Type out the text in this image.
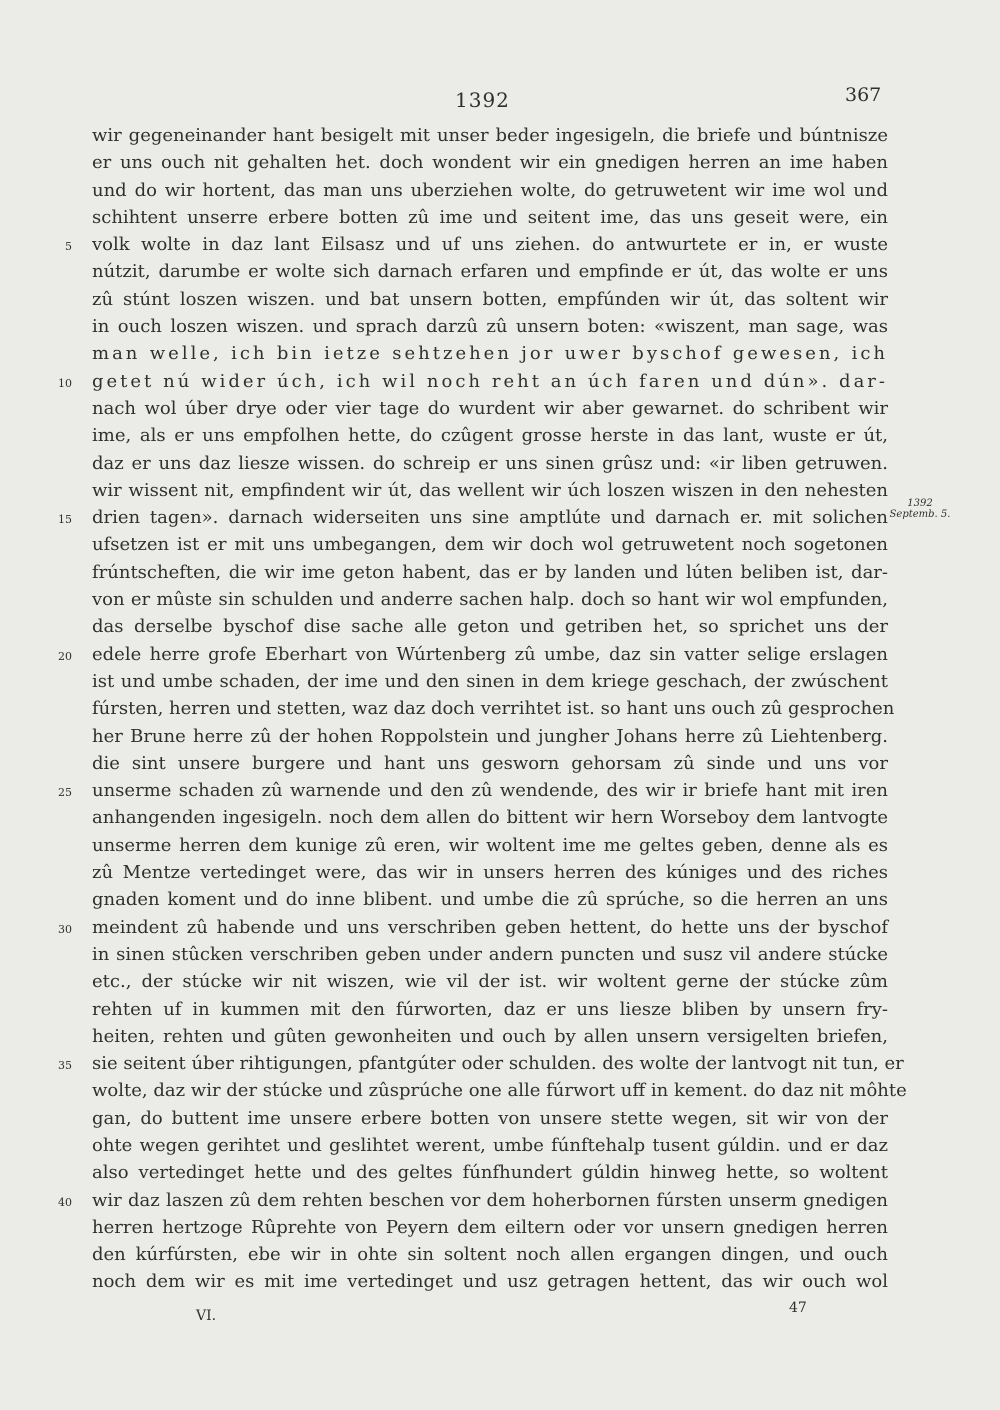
1392	367
wir gegeneinander hant besigelt mit unser beder ingesigeln, die briefe und búntnisze
er uns ouch nit gehalten het. doch wondent wir ein gnedigen herren an ime haben
und do wir hortent, das man uns uberziehen wolte, do getruwetent wir ime wol und
schihtent unserre erbere botten zû ime und seitent ime, das uns geseit were, ein
volk wolte in daz lant Eilsasz und uf uns ziehen. do antwurtete er in, er wuste
nútzit, darumbe er wolte sich darnach erfaren und empfinde er út, das wolte er uns
zû stúnt loszen wiszen. und bat unsern botten, empfúnden wir út, das soltent wir
in ouch loszen wiszen. und sprach darzû zû unsern boten: «wiszent, man sage, was
man welle, ich bin ietze sehtzehen jor uwer byschof gewesen, ich
getet nú wider úch, ich wil noch reht an úch faren und dún». dar-
nach wol úber drye oder vier tage do wurdent wir aber gewarnet. do schribent wir
ime, als er uns empfolhen hette, do czûgent grosse herste in das lant, wuste er út,
daz er uns daz liesze wissen. do schreip er uns sinen grûsz und: «ir liben getruwen.
wir wissent nit, empfindent wir út, das wellent wir úch loszen wiszen in den nehesten
drien tagen». darnach widerseiten uns sine amptlúte und darnach er. mit solichen
ufsetzen ist er mit uns umbegangen, dem wir doch wol getruwetent noch sogetonen
frúntscheften, die wir ime geton habent, das er by landen und lúten beliben ist, dar-
von er mûste sin schulden und anderre sachen halp. doch so hant wir wol empfunden,
das derselbe byschof dise sache alle geton und getriben het, so sprichet uns der
edele herre grofe Eberhart von Wúrtenberg zû umbe, daz sin vatter selige erslagen
ist und umbe schaden, der ime und den sinen in dem kriege geschach, der zwúschent
fúrsten, herren und stetten, waz daz doch verrihtet ist. so hant uns ouch zû gesprochen
her Brune herre zû der hohen Roppolstein und jungher Johans herre zû Liehtenberg.
die sint unsere burgere und hant uns gesworn gehorsam zû sinde und uns vor
unserme schaden zû warnende und den zû wendende, des wir ir briefe hant mit iren
anhangenden ingesigeln. noch dem allen do bittent wir hern Worseboy dem lantvogte
unserme herren dem kunige zû eren, wir woltent ime me geltes geben, denne als es
zû Mentze vertedinget were, das wir in unsers herren des kúniges und des riches
gnaden koment und do inne blibent. und umbe die zû sprúche, so die herren an uns
meindent zû habende und uns verschriben geben hettent, do hette uns der byschof
in sinen stûcken verschriben geben under andern puncten und susz vil andere stúcke
etc., der stúcke wir nit wiszen, wie vil der ist. wir woltent gerne der stúcke zûm
rehten uf in kummen mit den fúrworten, daz er uns liesze bliben by unsern fry-
heiten, rehten und gûten gewonheiten und ouch by allen unsern versigelten briefen,
sie seitent úber rihtigungen, pfantgúter oder schulden. des wolte der lantvogt nit tun, er
wolte, daz wir der stúcke und zûsprúche one alle fúrwort uff in kement. do daz nit môhte
gan, do buttent ime unsere erbere botten von unsere stette wegen, sit wir von der
ohte wegen gerihtet und geslihtet werent, umbe fúnftehalp tusent gúldin. und er daz
also vertedinget hette und des geltes fúnfhundert gúldin hinweg hette, so woltent
wir daz laszen zû dem rehten beschen vor dem hoherbornen fúrsten unserm gnedigen
herren hertzoge Rûprehte von Peyern dem eiltern oder vor unsern gnedigen herren
den kúrfúrsten, ebe wir in ohte sin soltent noch allen ergangen dingen, und ouch
noch dem wir es mit ime vertedinget und usz getragen hettent, das wir ouch wol
5
10
15
20
25
30
35
40
1392
Septemb. 5.
VI.	47
